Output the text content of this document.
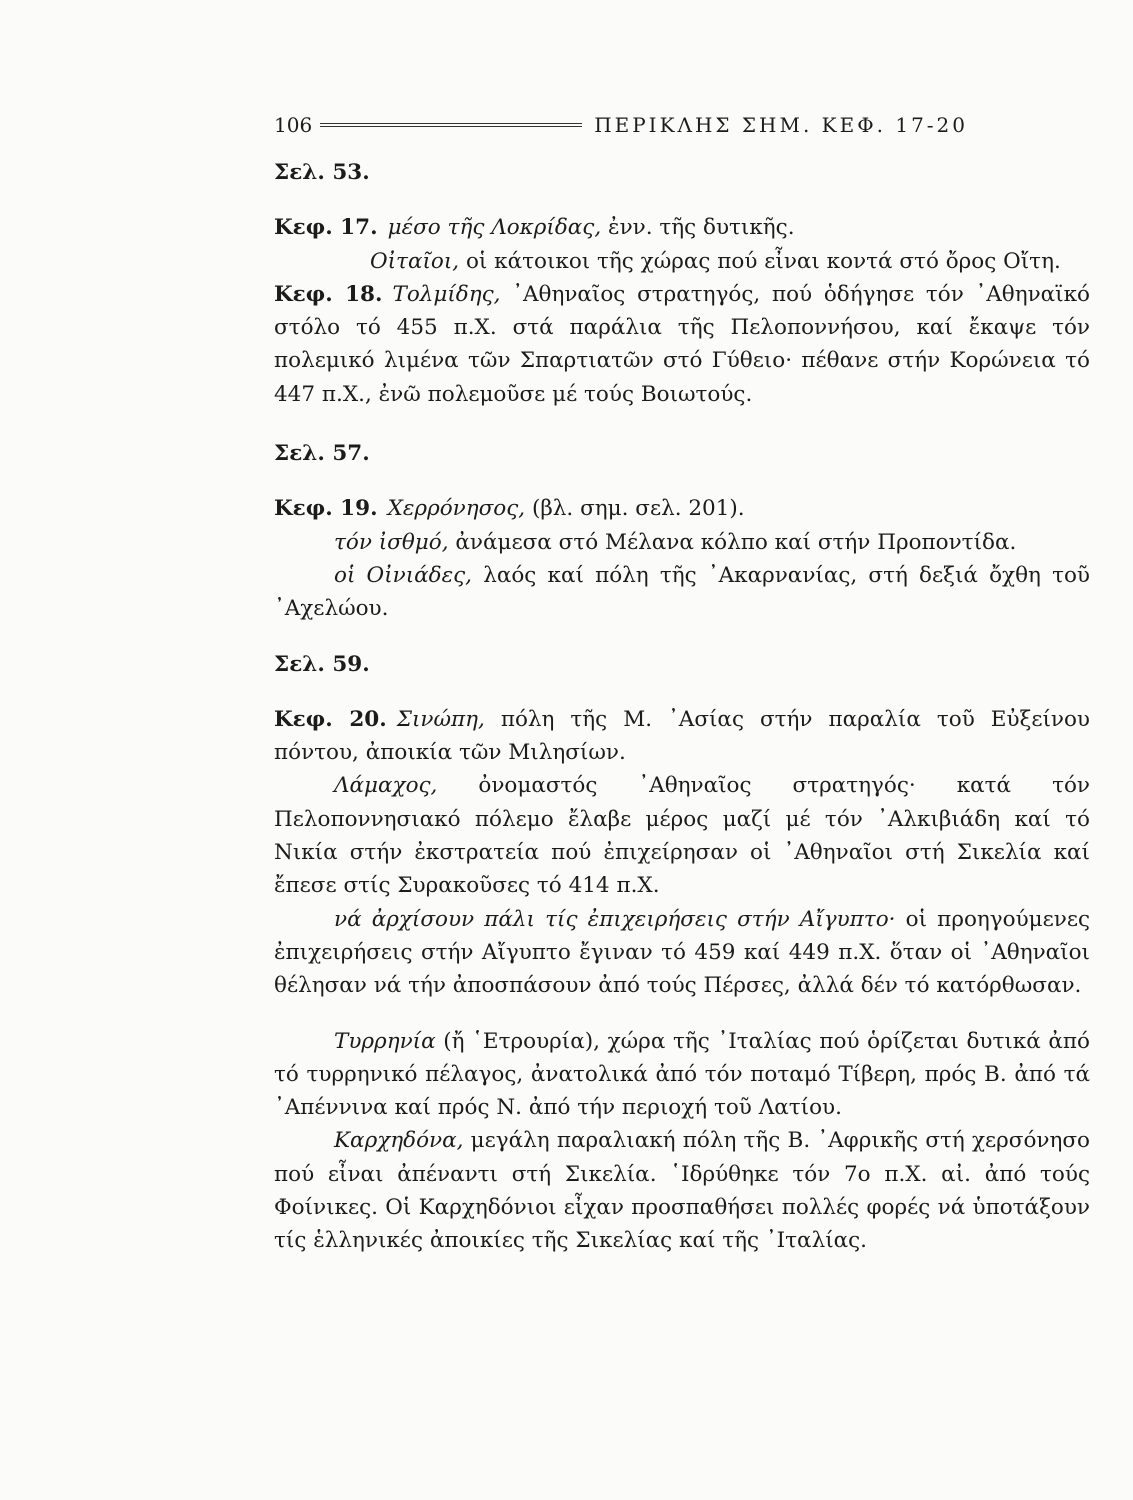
106	ΠΕΡΙΚΛΗΣ ΣΗΜ. ΚΕΦ. 17-20

Σελ. 53.

Κεφ. 17. μέσο τῆς Λοκρίδας, ἐνν. τῆς δυτικῆς.

Οἰταῖοι, οἱ κάτοικοι τῆς χώρας πού εἶναι κοντά στό ὄρος Οἴτη.

Κεφ. 18. Τολμίδης, ᾿Αθηναῖος στρατηγός, πού ὁδήγησε τόν ᾿Αθηναϊκό στόλο τό 455 π.Χ. στά παράλια τῆς Πελοποννήσου, καί ἔκαψε τόν πολεμικό λιμένα τῶν Σπαρτιατῶν στό Γύθειο· πέθανε στήν Κορώνεια τό 447 π.Χ., ἐνῶ πολεμοῦσε μέ τούς Βοιωτούς.

Σελ. 57.

Κεφ. 19. Χερρόνησος, (βλ. σημ. σελ. 201).

τόν ἰσθμό, ἀνάμεσα στό Μέλανα κόλπο καί στήν Προποντίδα.

οἱ Οἰνιάδες, λαός καί πόλη τῆς ᾿Ακαρνανίας, στή δεξιά ὄχθη τοῦ ᾿Αχελώου.

Σελ. 59.

Κεφ. 20. Σινώπη, πόλη τῆς Μ. ᾿Ασίας στήν παραλία τοῦ Εὐξείνου πόντου, ἀποικία τῶν Μιλησίων.

Λάμαχος, ὀνομαστός ᾿Αθηναῖος στρατηγός· κατά τόν Πελοποννησιακό πόλεμο ἔλαβε μέρος μαζί μέ τόν ᾿Αλκιβιάδη καί τό Νικία στήν ἐκστρατεία πού ἐπιχείρησαν οἱ ᾿Αθηναῖοι στή Σικελία καί ἔπεσε στίς Συρακοῦσες τό 414 π.Χ.

νά ἀρχίσουν πάλι τίς ἐπιχειρήσεις στήν Αἴγυπτο· οἱ προηγούμενες ἐπιχειρήσεις στήν Αἴγυπτο ἔγιναν τό 459 καί 449 π.Χ. ὅταν οἱ ᾿Αθηναῖοι θέλησαν νά τήν ἀποσπάσουν ἀπό τούς Πέρσες, ἀλλά δέν τό κατόρθωσαν.

Τυρρηνία (ἤ ῾Ετρουρία), χώρα τῆς ᾿Ιταλίας πού ὁρίζεται δυτικά ἀπό τό τυρρηνικό πέλαγος, ἀνατολικά ἀπό τόν ποταμό Τίβερη, πρός Β. ἀπό τά ᾿Απέννινα καί πρός Ν. ἀπό τήν περιοχή τοῦ Λατίου.

Καρχηδόνα, μεγάλη παραλιακή πόλη τῆς Β. ᾿Αφρικῆς στή χερσόνησο πού εἶναι ἀπέναντι στή Σικελία. ῾Ιδρύθηκε τόν 7ο π.Χ. αἰ. ἀπό τούς Φοίνικες. Οἱ Καρχηδόνιοι εἶχαν προσπαθήσει πολλές φορές νά ὑποτάξουν τίς ἑλληνικές ἀποικίες τῆς Σικελίας καί τῆς ᾿Ιταλίας.
